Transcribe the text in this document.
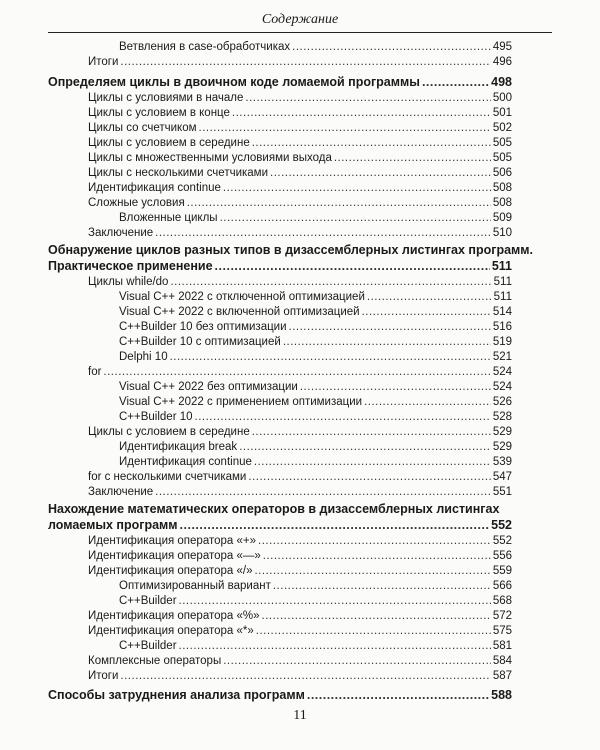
Содержание
Ветвления в case-обработчиках .....	495
Итоги .....	496
Определяем циклы в двоичном коде ломаемой программы .....	498
Циклы с условиями в начале .....	500
Циклы с условием в конце .....	501
Циклы со счетчиком .....	502
Циклы с условием в середине .....	505
Циклы с множественными условиями выхода .....	505
Циклы с несколькими счетчиками .....	506
Идентификация continue .....	508
Сложные условия .....	508
Вложенные циклы .....	509
Заключение .....	510
Обнаружение циклов разных типов в дизассемблерных листингах программ.
Практическое применение .....	511
Циклы while/do .....	511
Visual C++ 2022 с отключенной оптимизацией .....	511
Visual C++ 2022 с включенной оптимизацией .....	514
C++Builder 10 без оптимизации .....	516
C++Builder 10 с оптимизацией .....	519
Delphi 10 .....	521
for .....	524
Visual C++ 2022 без оптимизации .....	524
Visual C++ 2022 с применением оптимизации .....	526
C++Builder 10 .....	528
Циклы с условием в середине .....	529
Идентификация break .....	529
Идентификация continue .....	539
for с несколькими счетчиками .....	547
Заключение .....	551
Нахождение математических операторов в дизассемблерных листингах
ломаемых программ .....	552
Идентификация оператора «+» .....	552
Идентификация оператора «—» .....	556
Идентификация оператора «/» .....	559
Оптимизированный вариант .....	566
C++Builder .....	568
Идентификация оператора «%» .....	572
Идентификация оператора «*» .....	575
C++Builder .....	581
Комплексные операторы .....	584
Итоги .....	587
Способы затруднения анализа программ .....	588
11
